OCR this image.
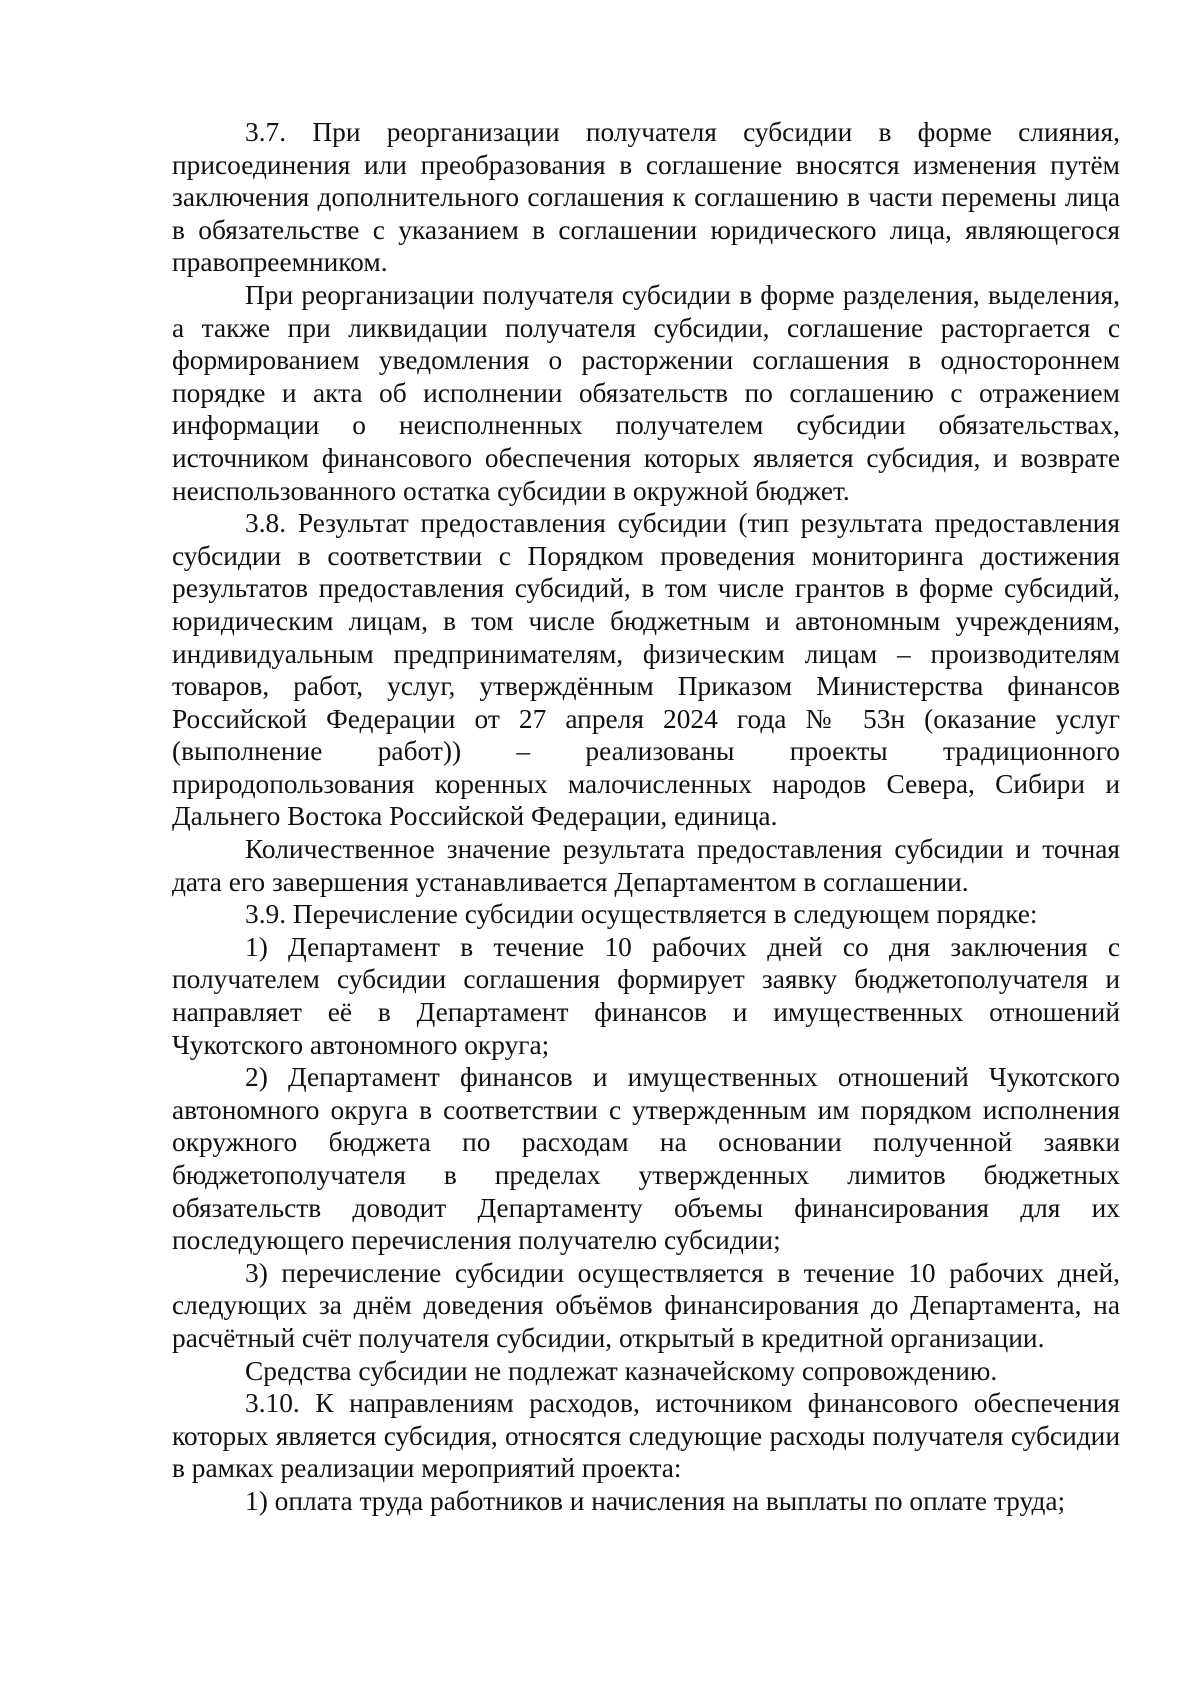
3.7. При реорганизации получателя субсидии в форме слияния, присоединения или преобразования в соглашение вносятся изменения путём заключения дополнительного соглашения к соглашению в части перемены лица в обязательстве с указанием в соглашении юридического лица, являющегося правопреемником.

При реорганизации получателя субсидии в форме разделения, выделения, а также при ликвидации получателя субсидии, соглашение расторгается с формированием уведомления о расторжении соглашения в одностороннем порядке и акта об исполнении обязательств по соглашению с отражением информации о неисполненных получателем субсидии обязательствах, источником финансового обеспечения которых является субсидия, и возврате неиспользованного остатка субсидии в окружной бюджет.

3.8. Результат предоставления субсидии (тип результата предоставления субсидии в соответствии с Порядком проведения мониторинга достижения результатов предоставления субсидий, в том числе грантов в форме субсидий, юридическим лицам, в том числе бюджетным и автономным учреждениям, индивидуальным предпринимателям, физическим лицам – производителям товаров, работ, услуг, утверждённым Приказом Министерства финансов Российской Федерации от 27 апреля 2024 года № 53н (оказание услуг (выполнение работ)) – реализованы проекты традиционного природопользования коренных малочисленных народов Севера, Сибири и Дальнего Востока Российской Федерации, единица.

Количественное значение результата предоставления субсидии и точная дата его завершения устанавливается Департаментом в соглашении.

3.9. Перечисление субсидии осуществляется в следующем порядке:

1) Департамент в течение 10 рабочих дней со дня заключения с получателем субсидии соглашения формирует заявку бюджетополучателя и направляет её в Департамент финансов и имущественных отношений Чукотского автономного округа;

2) Департамент финансов и имущественных отношений Чукотского автономного округа в соответствии с утвержденным им порядком исполнения окружного бюджета по расходам на основании полученной заявки бюджетополучателя в пределах утвержденных лимитов бюджетных обязательств доводит Департаменту объемы финансирования для их последующего перечисления получателю субсидии;

3) перечисление субсидии осуществляется в течение 10 рабочих дней, следующих за днём доведения объёмов финансирования до Департамента, на расчётный счёт получателя субсидии, открытый в кредитной организации.

Средства субсидии не подлежат казначейскому сопровождению.

3.10. К направлениям расходов, источником финансового обеспечения которых является субсидия, относятся следующие расходы получателя субсидии в рамках реализации мероприятий проекта:

1) оплата труда работников и начисления на выплаты по оплате труда;
